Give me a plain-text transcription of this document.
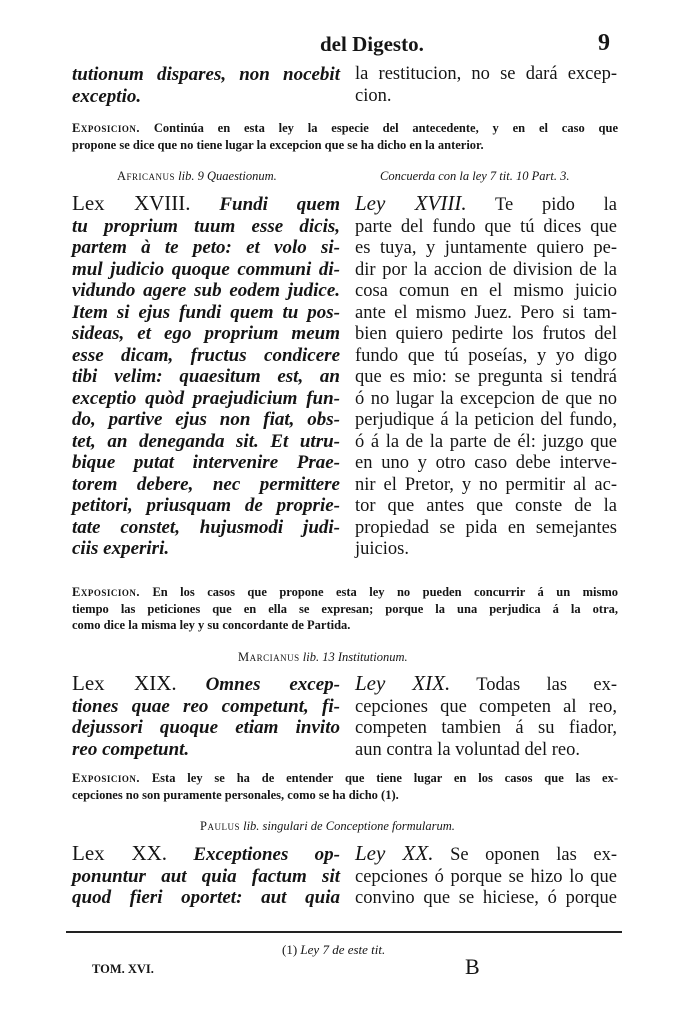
del Digesto.	9
tutionum dispares, non nocebit
exceptio.
la restitucion, no se dará excep-
cion.
Exposicion. Continúa en esta ley la especie del antecedente, y en el caso que
propone se dice que no tiene lugar la excepcion que se ha dicho en la anterior.
Africanus lib. 9 Quaestionum.	Concuerda con la ley 7 tit. 10 Part. 3.
Lex XVIII. Fundi quem
tu proprium tuum esse dicis,
partem à te peto: et volo si-
mul judicio quoque communi di-
vidundo agere sub eodem judice.
Item si ejus fundi quem tu pos-
sideas, et ego proprium meum
esse dicam, fructus condicere
tibi velim: quaesitum est, an
exceptio quòd praejudicium fun-
do, partive ejus non fiat, obs-
tet, an deneganda sit. Et utru-
bique putat intervenire Prae-
torem debere, nec permittere
petitori, priusquam de proprie-
tate constet, hujusmodi judi-
ciis experiri.
Ley XVIII. Te pido la
parte del fundo que tú dices que
es tuya, y juntamente quiero pe-
dir por la accion de division de la
cosa comun en el mismo juicio
ante el mismo Juez. Pero si tam-
bien quiero pedirte los frutos del
fundo que tú poseías, y yo digo
que es mio: se pregunta si tendrá
ó no lugar la excepcion de que no
perjudique á la peticion del fundo,
ó á la de la parte de él: juzgo que
en uno y otro caso debe interve-
nir el Pretor, y no permitir al ac-
tor que antes que conste de la
propiedad se pida en semejantes
juicios.
Exposicion. En los casos que propone esta ley no pueden concurrir á un mismo
tiempo las peticiones que en ella se expresan; porque la una perjudica á la otra,
como dice la misma ley y su concordante de Partida.
Marcianus lib. 13 Institutionum.
Lex XIX. Omnes excep-
tiones quae reo competunt, fi-
dejussori quoque etiam invito
reo competunt.
Ley XIX. Todas las ex-
cepciones que competen al reo,
competen tambien á su fiador,
aun contra la voluntad del reo.
Exposicion. Esta ley se ha de entender que tiene lugar en los casos que las ex-
cepciones no son puramente personales, como se ha dicho (1).
Paulus lib. singulari de Conceptione formularum.
Lex XX. Exceptiones op-
ponuntur aut quia factum sit
quod fieri oportet: aut quia
Ley XX. Se oponen las ex-
cepciones ó porque se hizo lo que
convino que se hiciese, ó porque
(1) Ley 7 de este tit.
TOM. XVI.	B
